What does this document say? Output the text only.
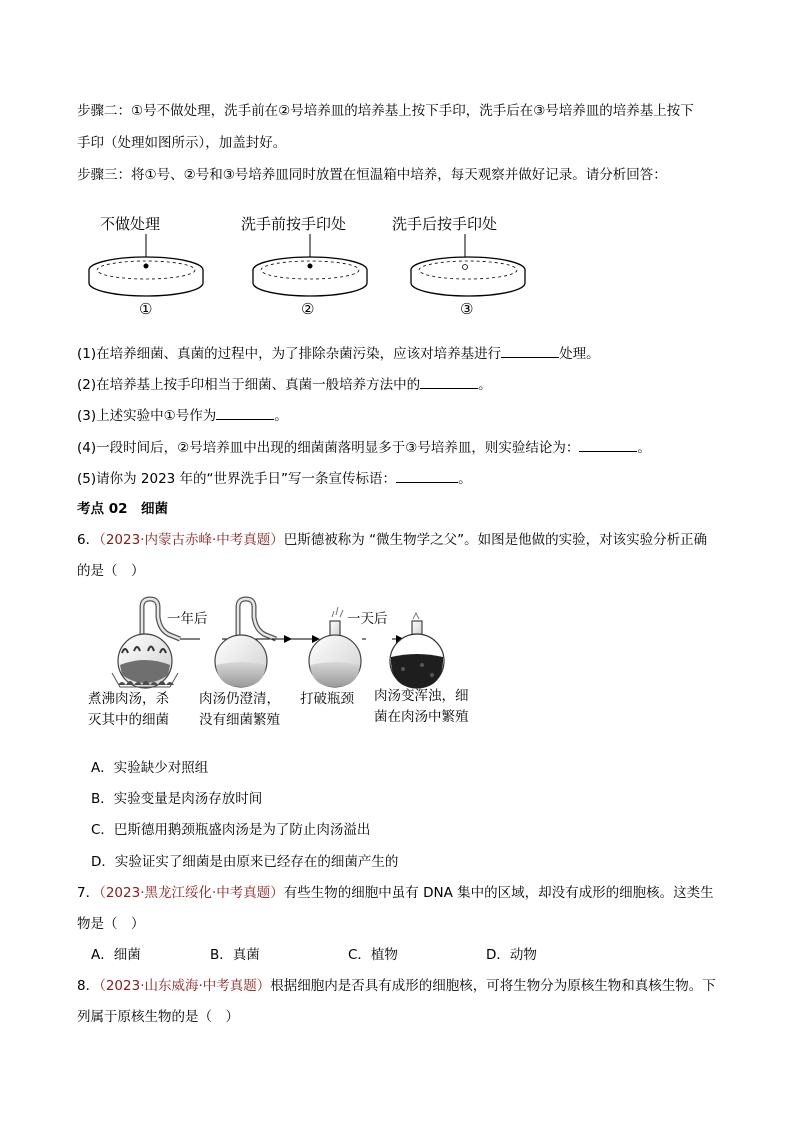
步骤二：①号不做处理，洗手前在②号培养皿的培养基上按下手印，洗手后在③号培养皿的培养基上按下
手印（处理如图所示），加盖封好。
步骤三：将①号、②号和③号培养皿同时放置在恒温箱中培养，每天观察并做好记录。请分析回答：
不做处理	洗手前按手印处	洗手后按手印处
①	②	③
(1)在培养细菌、真菌的过程中，为了排除杂菌污染，应该对培养基进行	处理。
(2)在培养基上按手印相当于细菌、真菌一般培养方法中的	。
(3)上述实验中①号作为	。
(4)一段时间后，②号培养皿中出现的细菌菌落明显多于③号培养皿，则实验结论为：	。
(5)请你为 2023 年的“世界洗手日”写一条宣传标语：	。
考点 02　细菌
6．（2023·内蒙古赤峰·中考真题）巴斯德被称为 “微生物学之父”。如图是他做的实验，对该实验分析正确
的是（　）
一年后	一天后
煮沸肉汤，杀
灭其中的细菌
肉汤仍澄清，
没有细菌繁殖
打破瓶颈 肉汤变浑浊，细
菌在肉汤中繁殖
A．实验缺少对照组
B．实验变量是肉汤存放时间
C．巴斯德用鹅颈瓶盛肉汤是为了防止肉汤溢出
D．实验证实了细菌是由原来已经存在的细菌产生的
7．（2023·黑龙江绥化·中考真题）有些生物的细胞中虽有 DNA 集中的区域，却没有成形的细胞核。这类生
物是（　）
A．细菌	B．真菌	C．植物	D．动物
8．（2023·山东威海·中考真题）根据细胞内是否具有成形的细胞核，可将生物分为原核生物和真核生物。下
列属于原核生物的是（　）
